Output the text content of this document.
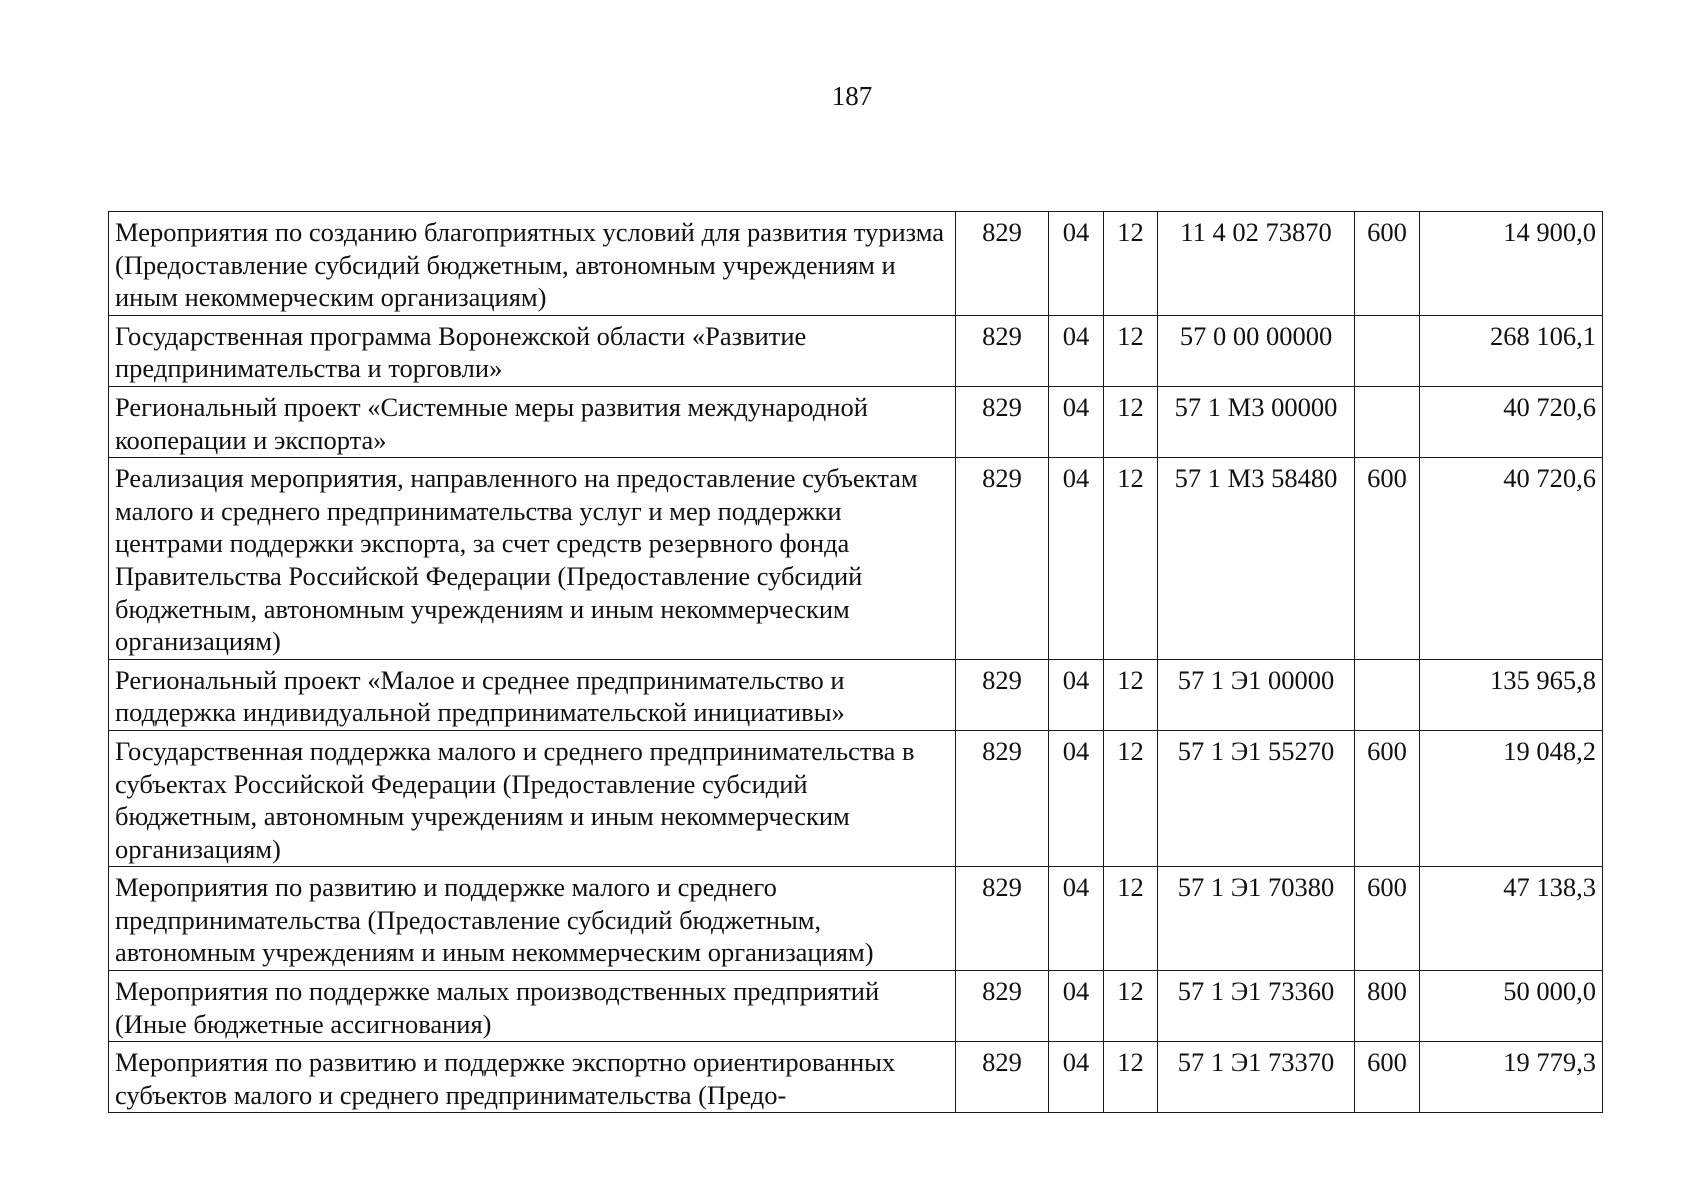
187
Мероприятия по созданию благоприятных условий для развития туризма (Предоставление субсидий бюджетным, автономным учреждениям и иным некоммерческим организациям)	829	04	12	11 4 02 73870	600	14 900,0
Государственная программа Воронежской области «Развитие предпринимательства и торговли»	829	04	12	57 0 00 00000		268 106,1
Региональный проект «Системные меры развития международной кооперации и экспорта»	829	04	12	57 1 М3 00000		40 720,6
Реализация мероприятия, направленного на предоставление субъектам малого и среднего предпринимательства услуг и мер поддержки центрами поддержки экспорта, за счет средств резервного фонда Правительства Российской Федерации (Предоставление субсидий бюджетным, автономным учреждениям и иным некоммерческим организациям)	829	04	12	57 1 М3 58480	600	40 720,6
Региональный проект «Малое и среднее предпринимательство и поддержка индивидуальной предпринимательской инициативы»	829	04	12	57 1 Э1 00000		135 965,8
Государственная поддержка малого и среднего предпринимательства в субъектах Российской Федерации (Предоставление субсидий бюджетным, автономным учреждениям и иным некоммерческим организациям)	829	04	12	57 1 Э1 55270	600	19 048,2
Мероприятия по развитию и поддержке малого и среднего предпринимательства (Предоставление субсидий бюджетным, автономным учреждениям и иным некоммерческим организациям)	829	04	12	57 1 Э1 70380	600	47 138,3
Мероприятия по поддержке малых производственных предприятий (Иные бюджетные ассигнования)	829	04	12	57 1 Э1 73360	800	50 000,0
Мероприятия по развитию и поддержке экспортно ориентированных субъектов малого и среднего предпринимательства (Предо-	829	04	12	57 1 Э1 73370	600	19 779,3
